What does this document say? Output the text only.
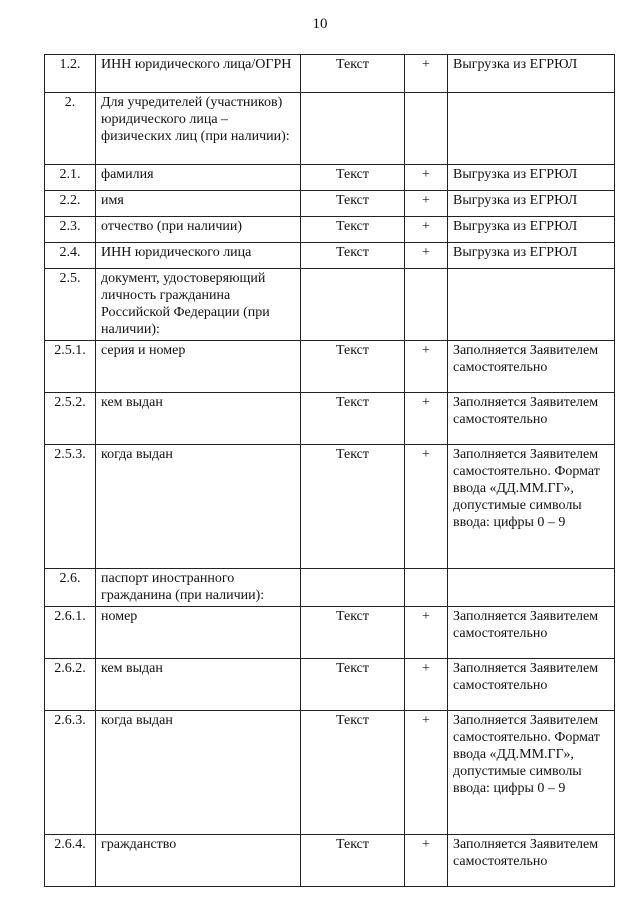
10
1.2.	ИНН юридического лица/ОГРН	Текст	+	Выгрузка из ЕГРЮЛ
2.	Для учредителей (участников) юридического лица – физических лиц (при наличии):			
2.1.	фамилия	Текст	+	Выгрузка из ЕГРЮЛ
2.2.	имя	Текст	+	Выгрузка из ЕГРЮЛ
2.3.	отчество (при наличии)	Текст	+	Выгрузка из ЕГРЮЛ
2.4.	ИНН юридического лица	Текст	+	Выгрузка из ЕГРЮЛ
2.5.	документ, удостоверяющий личность гражданина Российской Федерации (при наличии):			
2.5.1.	серия и номер	Текст	+	Заполняется Заявителем самостоятельно
2.5.2.	кем выдан	Текст	+	Заполняется Заявителем самостоятельно
2.5.3.	когда выдан	Текст	+	Заполняется Заявителем самостоятельно. Формат ввода «ДД.ММ.ГГ», допустимые символы ввода: цифры 0 – 9
2.6.	паспорт иностранного гражданина (при наличии):			
2.6.1.	номер	Текст	+	Заполняется Заявителем самостоятельно
2.6.2.	кем выдан	Текст	+	Заполняется Заявителем самостоятельно
2.6.3.	когда выдан	Текст	+	Заполняется Заявителем самостоятельно. Формат ввода «ДД.ММ.ГГ», допустимые символы ввода: цифры 0 – 9
2.6.4.	гражданство	Текст	+	Заполняется Заявителем самостоятельно
